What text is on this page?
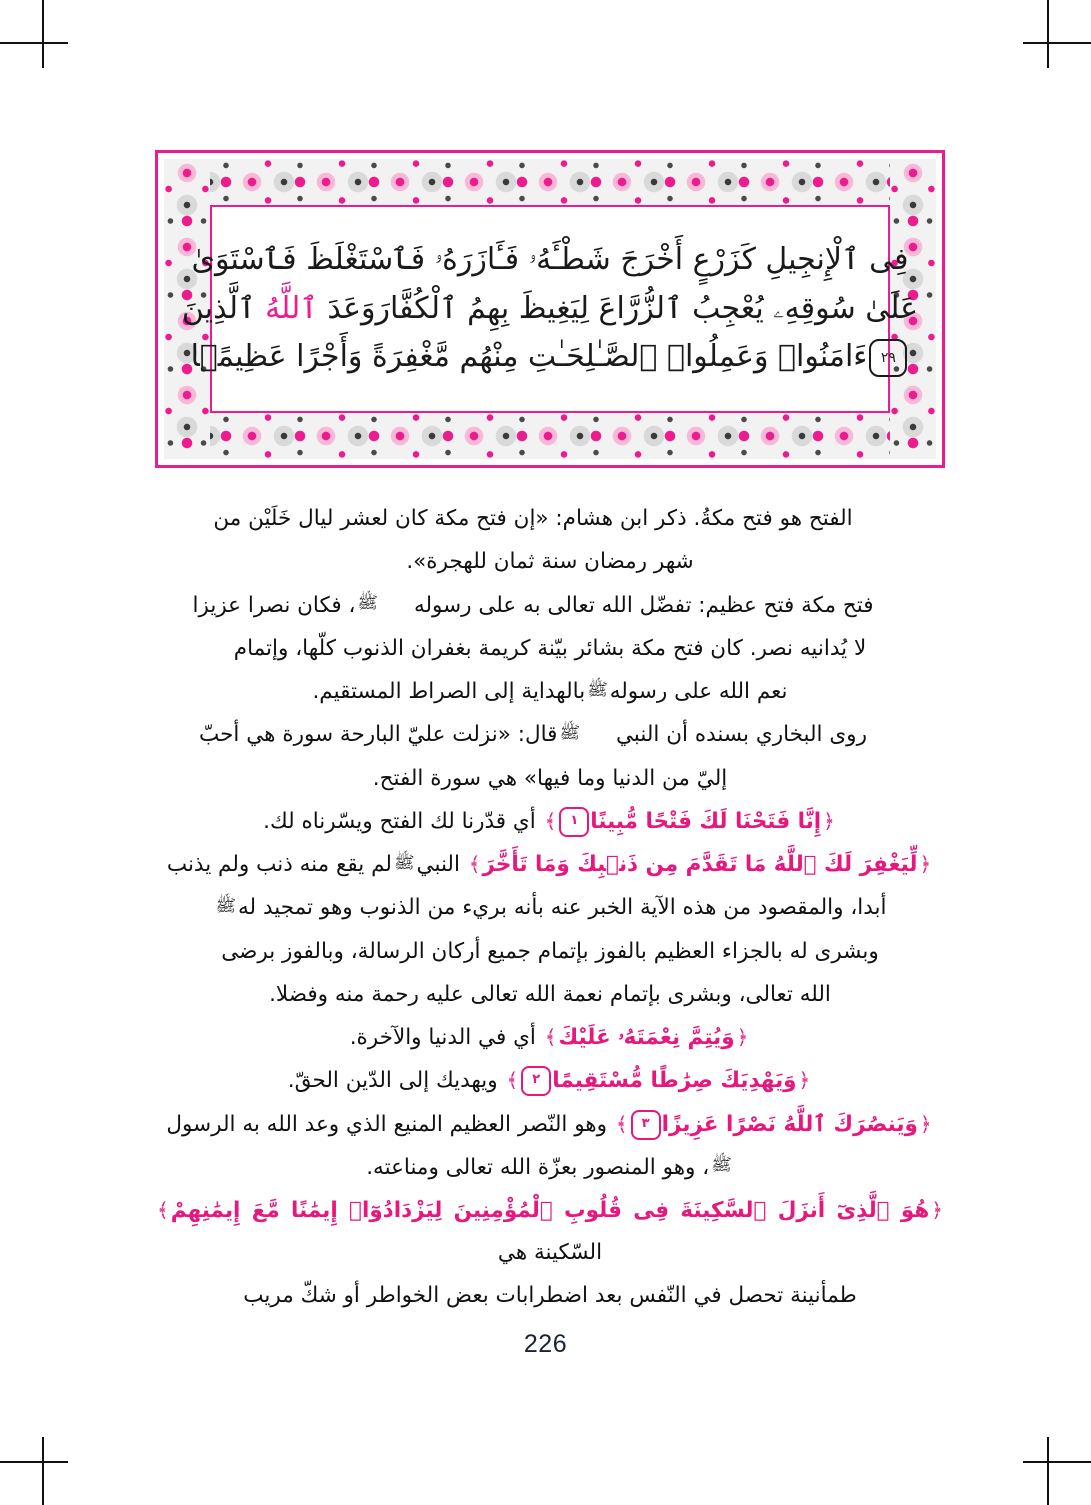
فِى ٱلْإِنجِيلِ كَزَرْعٍ أَخْرَجَ شَطْـَٔهُۥ فَـَٔازَرَهُۥ فَٱسْتَغْلَظَ فَٱسْتَوَىٰ
عَلَىٰ سُوقِهِۦ يُعْجِبُ ٱلزُّرَّاعَ لِيَغِيظَ بِهِمُ ٱلْكُفَّارَوَعَدَ ٱللَّهُ ٱلَّذِينَ
٢٩ءَامَنُوا۟ وَعَمِلُوا۟ ٱلصَّـٰلِحَـٰتِ مِنْهُم مَّغْفِرَةً وَأَجْرًا عَظِيمًۢا

الفتح هو فتح مكةُ. ذكر ابن هشام: «إن فتح مكة كان لعشر ليال خَلَيْن من

شهر رمضان سنة ثمان للهجرة».

فتح مكة فتح عظيم: تفضّل الله تعالى به على رسولهﷺ، فكان نصرا عزيزا

لا يُدانيه نصر. كان فتح مكة بشائر بيّنة كريمة بغفران الذنوب كلّها، وإتمام

نعم الله على رسولهﷺبالهداية إلى الصراط المستقيم.

روى البخاري بسنده أن النبيﷺقال: «نزلت عليّ البارحة سورة هي أحبّ

إليّ من الدنيا وما فيها» هي سورة الفتح.

﴿إِنَّا فَتَحْنَا لَكَ فَتْحًا مُّبِينًا١﴾ أي قدّرنا لك الفتح ويسّرناه لك.

﴿لِّيَغْفِرَ لَكَ ٱللَّهُ مَا تَقَدَّمَ مِن ذَنۢبِكَ وَمَا تَأَخَّرَ﴾ النبيﷺلم يقع منه ذنب ولم يذنب

أبدا، والمقصود من هذه الآية الخبر عنه بأنه بريء من الذنوب وهو تمجيد لهﷺ

وبشرى له بالجزاء العظيم بالفوز بإتمام جميع أركان الرسالة، وبالفوز برضى

الله تعالى، وبشرى بإتمام نعمة الله تعالى عليه رحمة منه وفضلا.

﴿وَيُتِمَّ نِعْمَتَهُۥ عَلَيْكَ﴾ أي في الدنيا والآخرة.

﴿وَيَهْدِيَكَ صِرَٰطًا مُّسْتَقِيمًا٢﴾ ويهديك إلى الدّين الحقّ.

﴿وَيَنصُرَكَ ٱللَّهُ نَصْرًا عَزِيزًا٣﴾ وهو النّصر العظيم المنيع الذي وعد الله به الرسول

ﷺ، وهو المنصور بعزّة الله تعالى ومناعته.

﴿هُوَ ٱلَّذِىٓ أَنزَلَ ٱلسَّكِينَةَ فِى قُلُوبِ ٱلْمُؤْمِنِينَ لِيَزْدَادُوٓا۟ إِيمَٰنًا مَّعَ إِيمَٰنِهِمْ﴾ السّكينة هي

طمأنينة تحصل في النّفس بعد اضطرابات بعض الخواطر أو شكّ مريب

226
